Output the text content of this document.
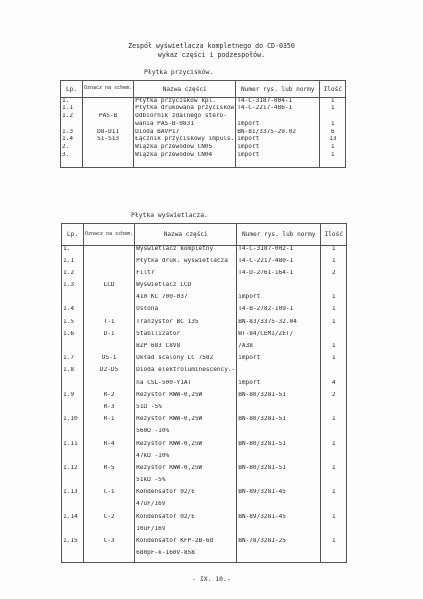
Zespół wyświetlacza kompletnego do CD-0350
wykaz części i podzespołów.
Płytka przycisków.
Lp.	Oznacz na schem.	Nazwa części	Numer rys. lub normy	Ilość
1.		Płytka przycisków kpl.	T4-C-3187-004-1	1
1.1		Płytka drukowana przycisków	T4-C-2217-486-1	1
1.2	PAS-B	Odbiornik zdalnego stero-		
		wania PAS-B-0831	import	1
1.3	D8-D11	Dioda BAVP17	BN-81/3375-29.02	6
1.4	S1-S13	Łącznik przyciskowy impuls.	import	13
2.		Wiązka przewodów CN05	import	1
3.		Wiązka przewodów CN04	import	1

Płytka wyświetlacza.
Lp.	Oznacz na schem.	Nazwa części	Numer rys. lub normy	Ilość
1.		Wyświetlacz kompletny	T4-C-3187-002-1	1
1.1		Płytka druk. wyświetlacza	T4-C-2217-480-1	1
1.2		Filtr	T4-D-2761-164-1	2
1.3	LCD	Wyświetlacz LCD		
		410 KC 700-037	import	1
1.4		Osłona	T4-B-2782-109-1	1
1.5	T-1	Tranzystor BC 135	BN-83/3375-32.04	1
1.6	D-1	Stabilizator	WT-84/CEMI/ZET/	
		BZP 683 C8V8	/A38	1
1.7	US-1	Układ scalony LC 7582	import	1
1.8	D2-D5	Dioda elektroluminescency.-		
		na CSL-500-Y1AT	import	4
1.9	R-2	Rezystor RWW-0,25W	BN-80/3281-51	2
	R-3	51Ω -5%		
1.10	R-1	Rezystor RWW-0,25W	BN-80/3281-51	1
		560Ω -10%		
1.11	R-4	Rezystor RWW-0,25W	BN-80/3281-51	1
		47kΩ -10%		
1.12	R-5	Rezystor RWW-0,25W	BN-80/3281-51	1
		51kΩ -5%		
1.13	C-1	Kondensator 02/E	BN-89/3281-45	1
		47uF/16V		
1.14	C-2	Kondensator 02/E	BN-89/3281-45	1
		10uF/16V		
1.15	C-3	Kondensator KFP-2B-6d	BN-78/3281-25	1
		680pF-k-160V-858		
- IX. 10.-
